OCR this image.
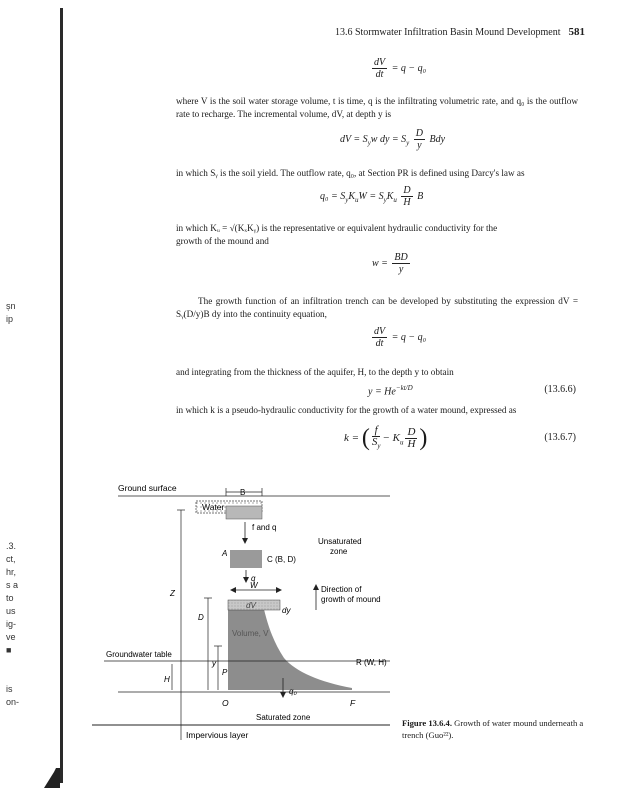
șn
ip
.3.
ct,
hr,
s a
to
us
ig-
ve
■
is
on-
13.6 Stormwater Infiltration Basin Mound Development 581
$\frac{dV}{dt} = q - q_0$
where V is the soil water storage volume, t is time, q is the infiltrating volumetric rate, and q₀ is the outflow rate to recharge. The incremental volume, dV, at depth y is
dV = $S_yw$ dy = $S_y \frac{D}{y}$ Bdy
in which Sᵧ is the soil yield. The outflow rate, q₀, at Section PR is defined using Darcy's law as
$q_0 = S_yK_uW = S_yK_u \frac{D}{H}$ B
in which Kᵤ = √(KₓKᵧ) is the representative or equivalent hydraulic conductivity for the
growth of the mound and
$w = \frac{BD}{y}$
The growth function of an infiltration trench can be developed by substituting the expression dV = Sᵧ(D/y)B dy into the continuity equation,
$\frac{dV}{dt} = q - q_0$
and integrating from the thickness of the aquifer, H, to the depth y to obtain
$y = He^{-kt/D}$	(13.6.6)
in which k is a pseudo-hydraulic conductivity for the growth of a water mound, expressed as
k = ( $\frac{f}{S_y} - K_u \frac{D}{H}$ )	(13.6.7)
Ground surface	B
Water
f and q
Unsaturated
zone
A
C (B, D)
q
W
Z	Direction of
growth of mound
dV
dy
Volume, V
D
y
Groundwater table
R (W, H)
H
P
q₀
O	F
Saturated zone
Impervious layer
Figure 13.6.4. Growth of water mound underneath a trench (Guo²²).
